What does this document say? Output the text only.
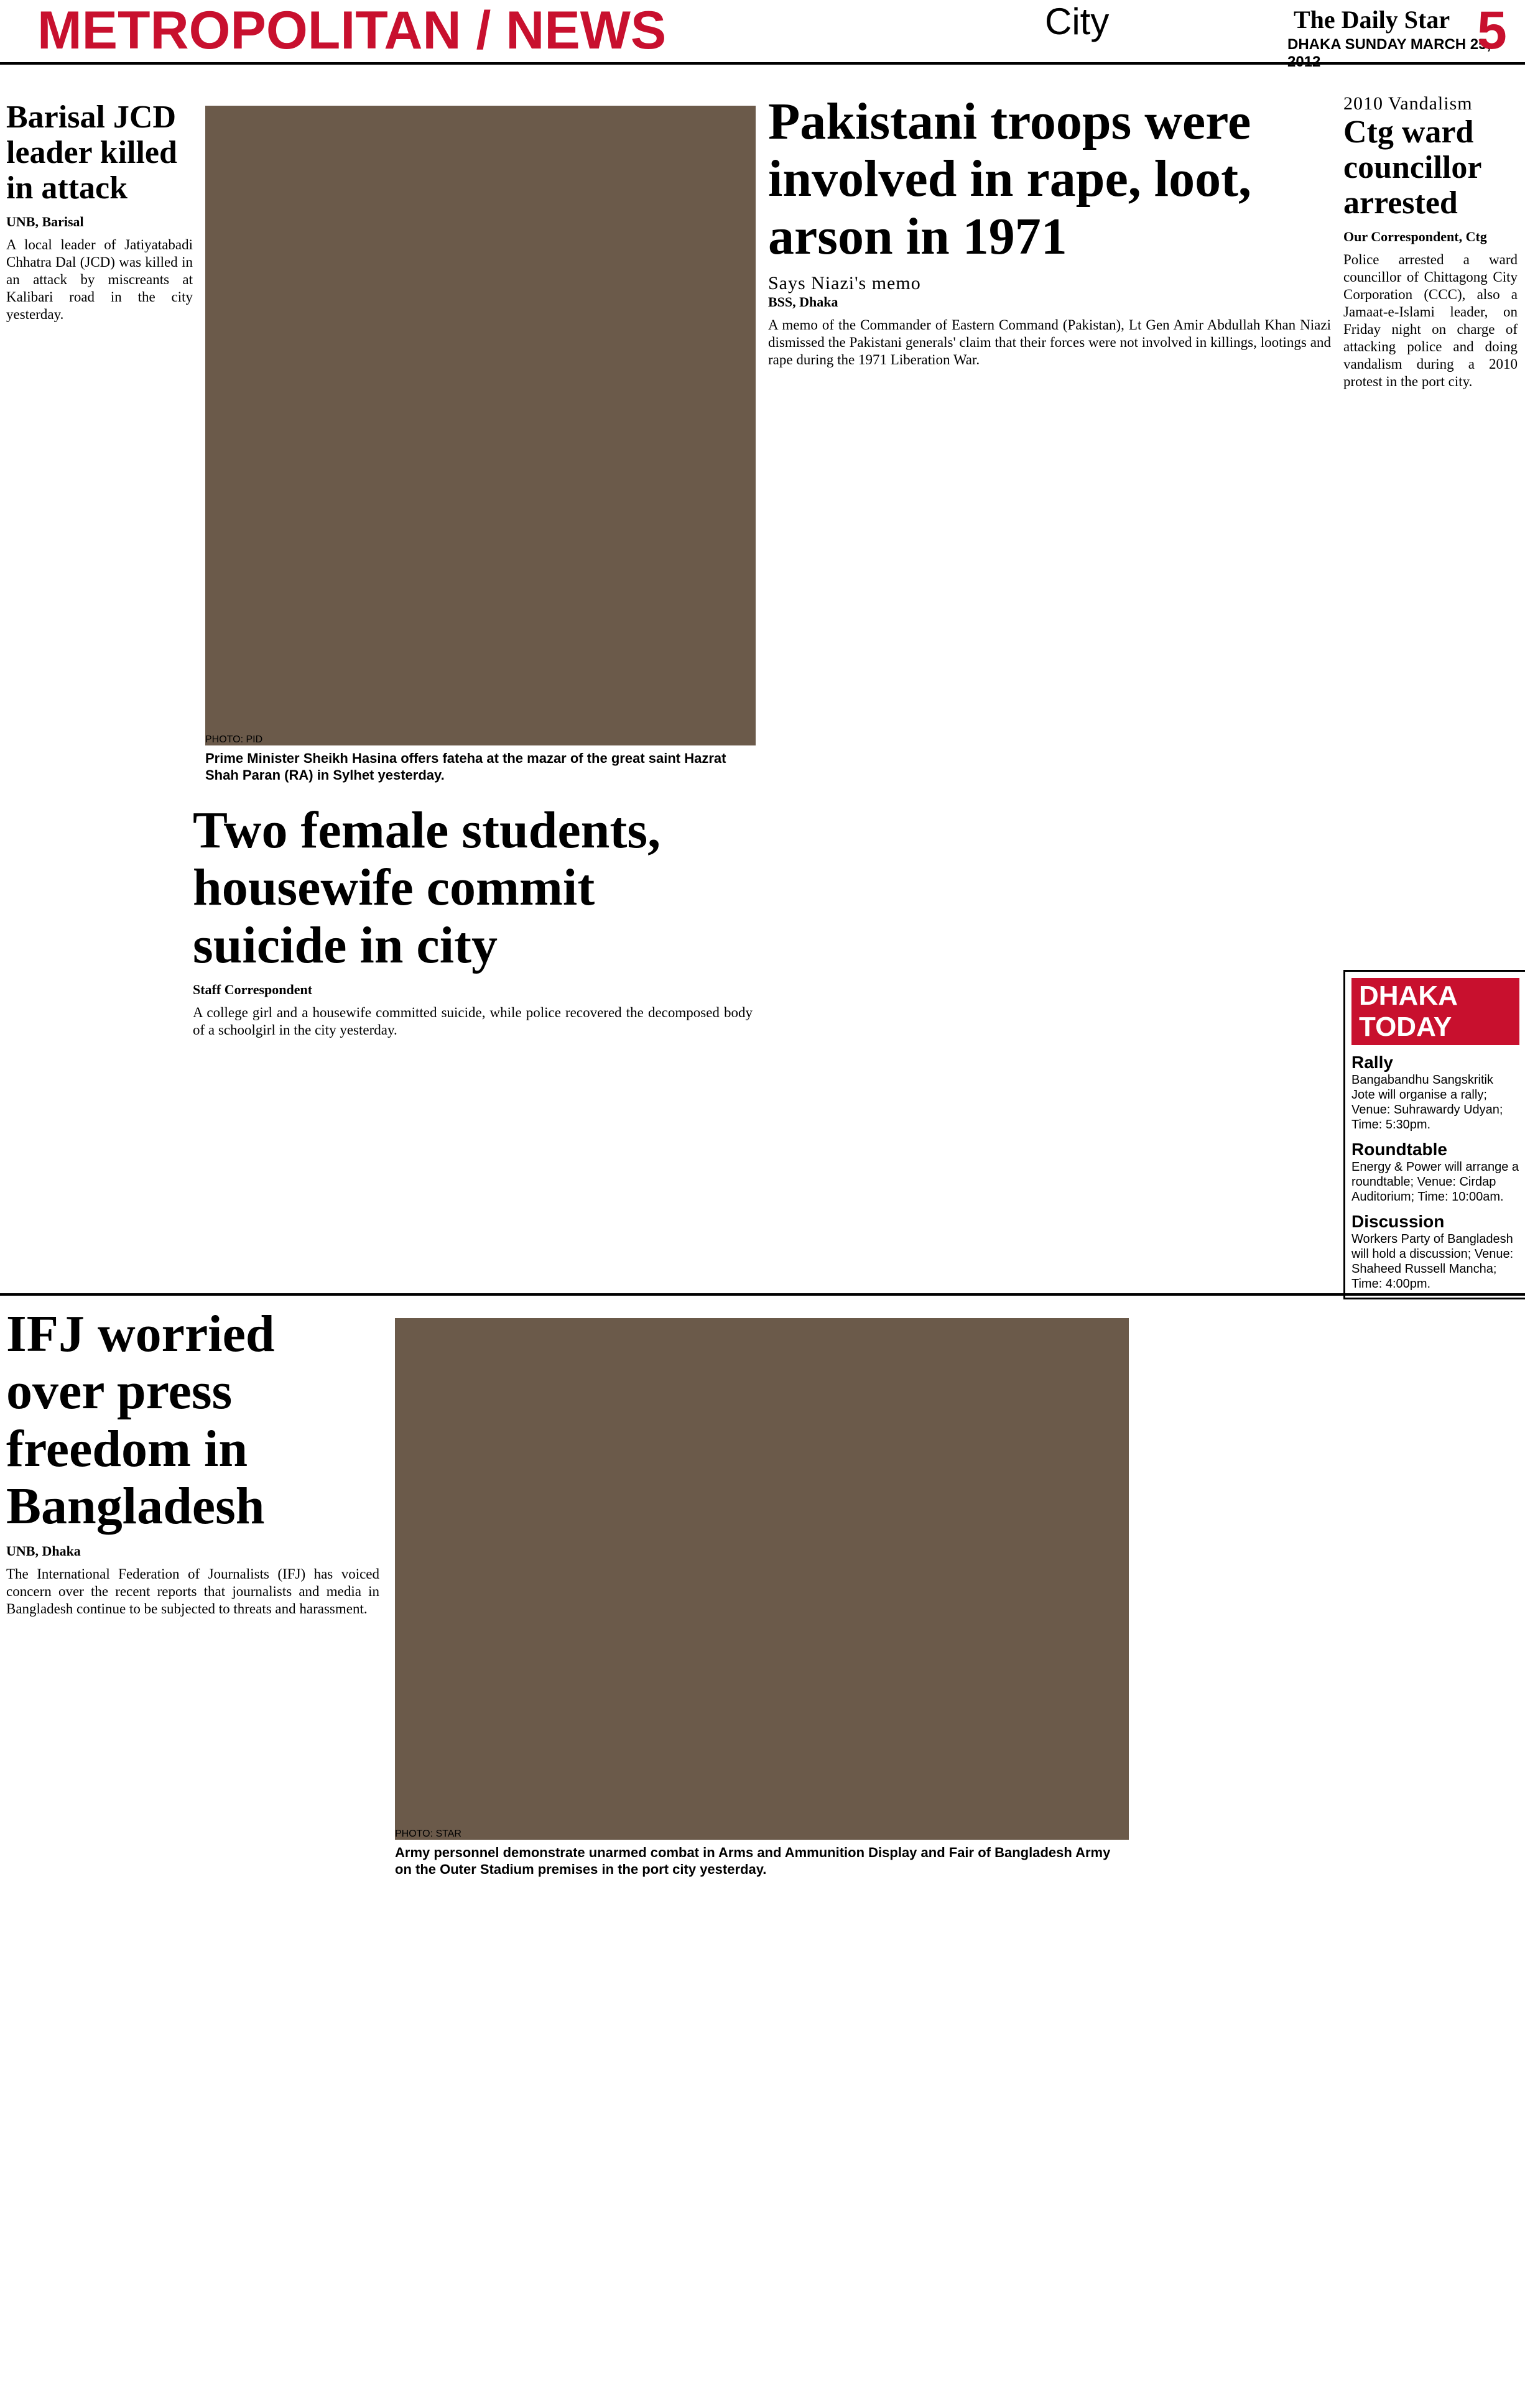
METROPOLITAN / NEWS	City	The Daily Star
DHAKA SUNDAY MARCH 25, 2012
5
Barisal JCD leader killed in attack
UNB, Barisal

A local leader of Jatiyatabadi Chhatra Dal (JCD) was killed in an attack by miscreants at Kalibari road in the city yesterday.

PHOTO: PID
Prime Minister Sheikh Hasina offers fateha at the mazar of the great saint Hazrat Shah Paran (RA) in Sylhet yesterday.
Pakistani troops were involved in rape, loot, arson in 1971
Says Niazi's memo
BSS, Dhaka

A memo of the Commander of Eastern Command (Pakistan), Lt Gen Amir Abdullah Khan Niazi dismissed the Pakistani generals' claim that their forces were not involved in killings, lootings and rape during the 1971 Liberation War.

2010 Vandalism
Ctg ward councillor arrested
Our Correspondent, Ctg

Police arrested a ward councillor of Chittagong City Corporation (CCC), also a Jamaat-e-Islami leader, on Friday night on charge of attacking police and doing vandalism during a 2010 protest in the port city.

Two female students, housewife commit suicide in city
Staff Correspondent

A college girl and a housewife committed suicide, while police recovered the decomposed body of a schoolgirl in the city yesterday.

DHAKA TODAY
Rally
Bangabandhu Sangskritik Jote will organise a rally; Venue: Suhrawardy Udyan; Time: 5:30pm.
Roundtable
Energy & Power will arrange a roundtable; Venue: Cirdap Auditorium; Time: 10:00am.
Discussion
Workers Party of Bangladesh will hold a discussion; Venue: Shaheed Russell Mancha; Time: 4:00pm.
IFJ worried over press freedom in Bangladesh
UNB, Dhaka

The International Federation of Journalists (IFJ) has voiced concern over the recent reports that journalists and media in Bangladesh continue to be subjected to threats and harassment.

PHOTO: STAR
Army personnel demonstrate unarmed combat in Arms and Ammunition Display and Fair of Bangladesh Army on the Outer Stadium premises in the port city yesterday.
